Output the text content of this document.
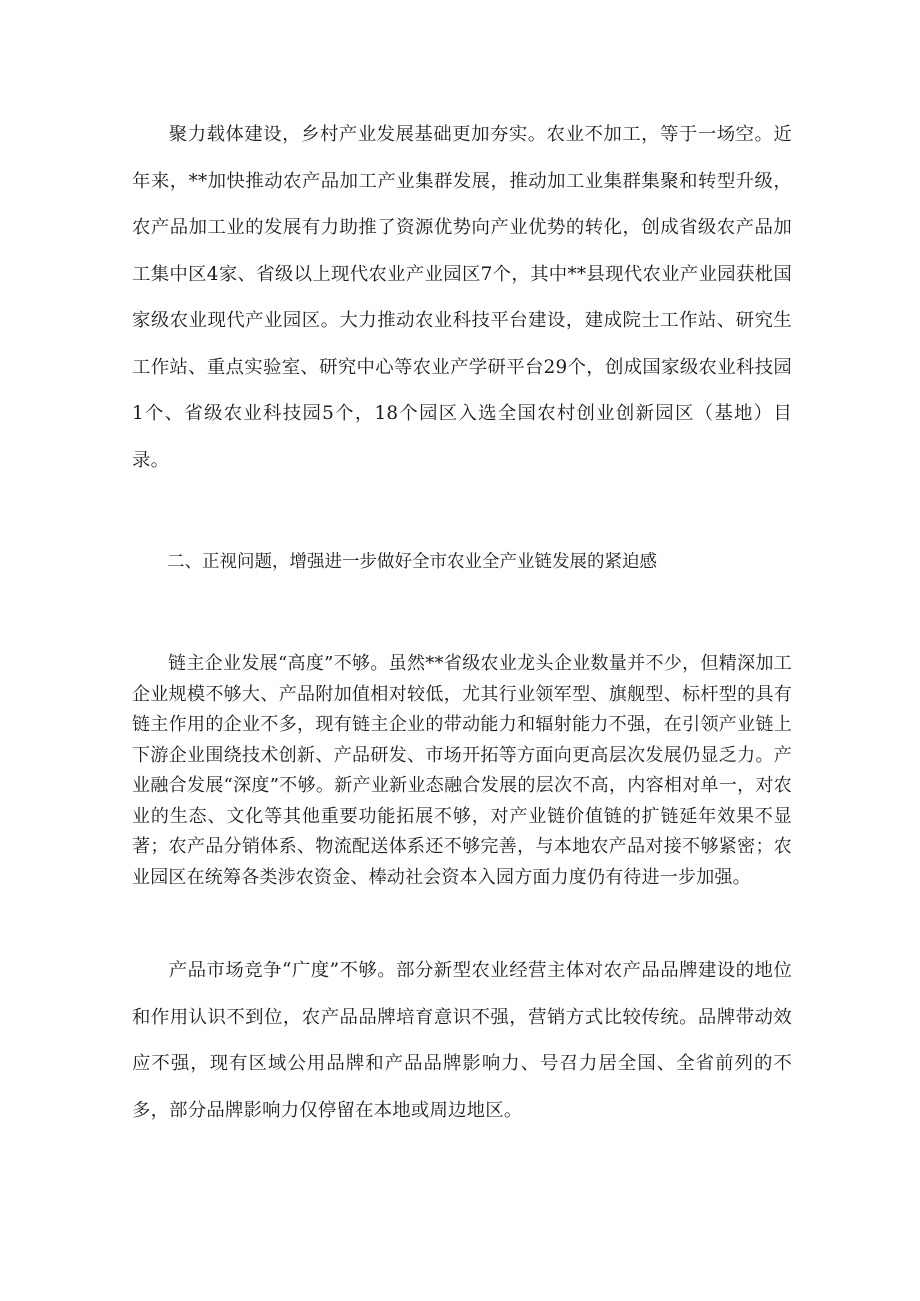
聚力载体建设，乡村产业发展基础更加夯实。农业不加工，等于一场空。近年来，**加快推动农产品加工产业集群发展，推动加工业集群集聚和转型升级，农产品加工业的发展有力助推了资源优势向产业优势的转化，创成省级农产品加工集中区4家、省级以上现代农业产业园区7个，其中**县现代农业产业园获枇国家级农业现代产业园区。大力推动农业科技平台建设，建成院士工作站、研究生工作站、重点实验室、研究中心等农业产学研平台29个，创成国家级农业科技园1个、省级农业科技园5个，18个园区入选全国农村创业创新园区（基地）目录。

二、正视问题，增强进一步做好全市农业全产业链发展的紧迫感

链主企业发展“高度”不够。虽然**省级农业龙头企业数量并不少，但精深加工企业规模不够大、产品附加值相对较低，尤其行业领军型、旗舰型、标杆型的具有链主作用的企业不多，现有链主企业的带动能力和辐射能力不强，在引领产业链上下游企业围绕技术创新、产品研发、市场开拓等方面向更高层次发展仍显乏力。产业融合发展“深度”不够。新产业新业态融合发展的层次不高，内容相对单一，对农业的生态、文化等其他重要功能拓展不够，对产业链价值链的扩链延年效果不显著；农产品分销体系、物流配送体系还不够完善，与本地农产品对接不够紧密；农业园区在统筹各类涉农资金、棒动社会资本入园方面力度仍有待进一步加强。

产品市场竞争“广度”不够。部分新型农业经营主体对农产品品牌建设的地位和作用认识不到位，农产品品牌培育意识不强，营销方式比较传统。品牌带动效应不强，现有区域公用品牌和产品品牌影响力、号召力居全国、全省前列的不多，部分品牌影响力仅停留在本地或周边地区。
